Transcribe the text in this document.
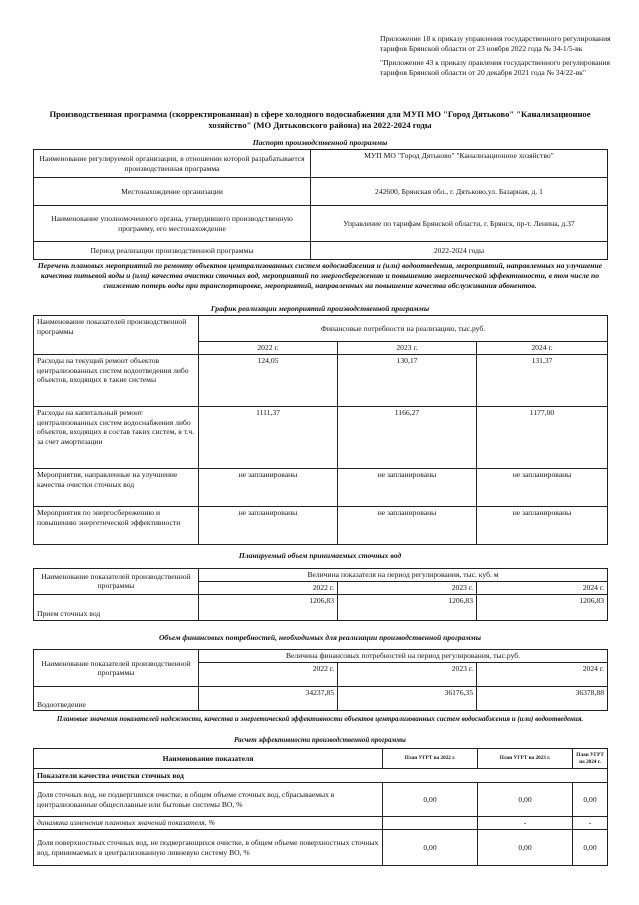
Приложение 18 к приказу управления государственного регулирования тарифов Брянской области от 23 ноября 2022 года № 34-1/5-вк

"Приложение 43 к приказу правления государственного регулирования тарифов Брянской области от 20 декабря 2021 года № 34/22-вк"

Производственная программа (скорректированная) в сфере холодного водоснабжения для МУП МО "Город Дятьково" "Канализационное хозяйство" (МО Дятьковского района) на 2022-2024 годы
Паспорт производственной программы
Наименование регулируемой организации, в отношении которой разрабатывается производственная программа	МУП МО "Город Дятьково" "Канализационное хозяйство"
Местонахождение организации	242600, Брянская обл., г. Дятьково,ул. Базарная, д. 1
Наименование уполномоченного органа, утвердившего производственную программу, его местонахождение	Управление по тарифам Брянской области, г. Брянск, пр-т. Ленина, д.37
Период реализации производственной программы	2022-2024 годы
Перечень плановых мероприятий по ремонту объектов централизованных систем водоснабжения и (или) водоотведения, мероприятий, направленных на улучшение качества питьевой воды и (или) качества очистки сточных вод, мероприятий по энергосбережению и повышению энергетической эффективности, в том числе по снижению потерь воды при транспортировке, мероприятий, направленных на повышение качества обслуживания абонентов.
График реализации мероприятий производственной программы
Наименование показателей производственной программы	Финансовые потребности на реализацию, тыс.руб.		
	2022 г.	2023 г.	2024 г.
Расходы на текущий ремонт объектов централизованных систем водоотведения либо объектов, входящих в такие системы	124,05	130,17	131,37
Расходы на капитальный ремонт централизованных систем водоснабжения либо объектов, входящих в состав таких систем, в т.ч. за счет амортизации	1111,37	1166,27	1177,00
Мероприятия, направленные на улучшение качества очистки сточных вод	не запланированы	не запланированы	не запланированы
Мероприятия по энергосбережению и повышению энергетической эффективности	не запланированы	не запланированы	не запланированы
Планируемый объем принимаемых сточных вод
Наименование показателей производственной программы	Величина показателя на период регулирования, тыс. куб. м		
	2022 г.	2023 г.	2024 г.
Прием сточных вод	1206,83	1206,83	1206,83
Объем финансовых потребностей, необходимых для реализации производственной программы
Наименование показателей производственной программы	Величина финансовых потребностей на период регулирования, тыс.руб.		
	2022 г.	2023 г.	2024 г.
Водоотведение	34237,85	36176,35	36378,88
Плановые значения показателей надежности, качества и энергетической эффективности объектов централизованных систем водоснабжения и (или) водоотведения.
Расчет эффективности производственной программы
Наименование показателя	План УГРТ на 2022 г.	План УГРТ на 2023 г.	План УГРТ на 2024 г.
Показатели качества очистки сточных вод			
Доля сточных вод, не подвергшихся очистке, в общем объеме сточных вод, сбрасываемых в централизованные общесплавные или бытовые системы ВО, %	0,00	0,00	0,00
динамика изменения плановых значений показателя, %		-	-
Доля поверхностных сточных вод, не подвергающихся очистке, в общем объеме поверхностных сточных вод, принимаемых в централизованную ливневую систему ВО, %	0,00	0,00	0,00
